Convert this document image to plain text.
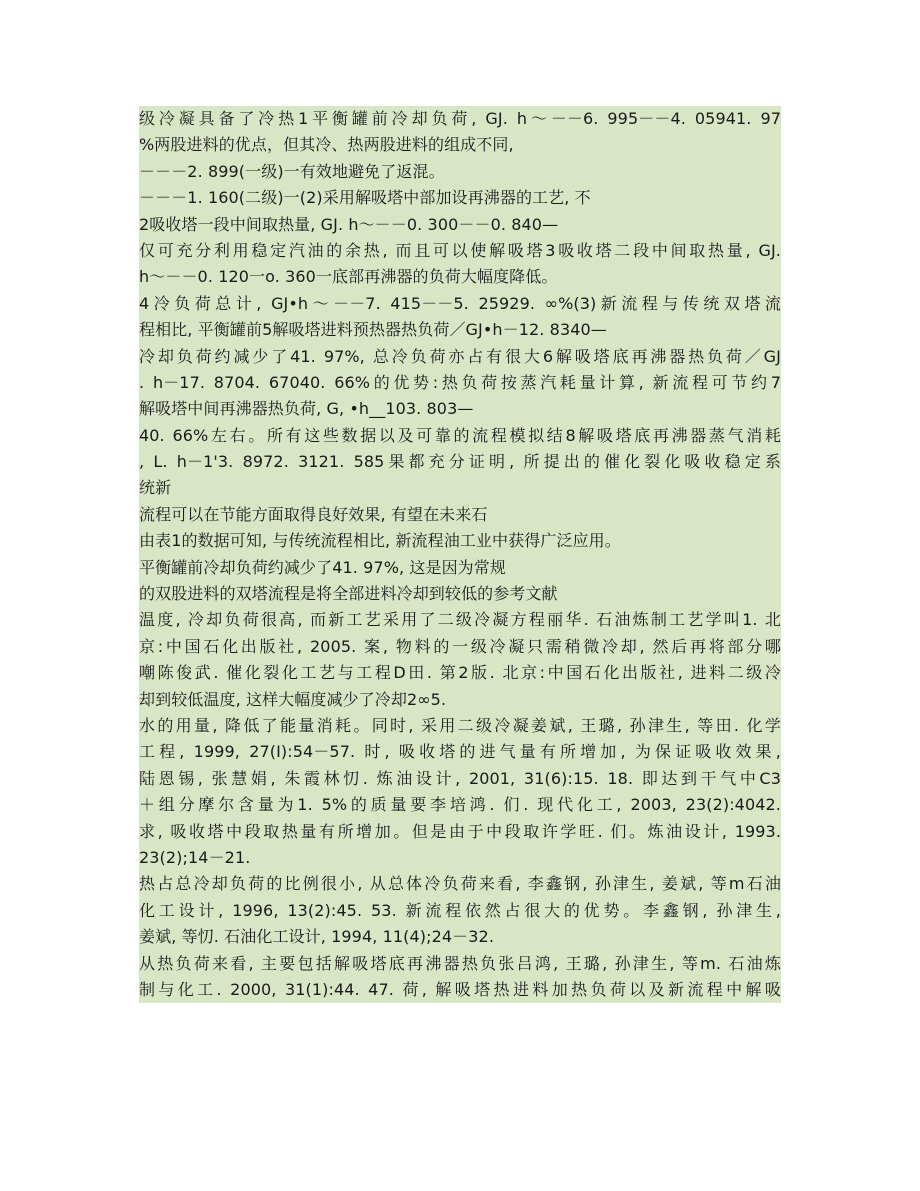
级冷凝具备了冷热1平衡罐前冷却负荷, GJ. h～－－6. 995－－4. 05941. 97
%两股进料的优点，但其冷、热两股进料的组成不同,
－－－2. 899(一级)一有效地避免了返混。
－－－1. 160(二级)一(2)采用解吸塔中部加设再沸器的工艺, 不
2吸收塔一段中间取热量, GJ. h～－－0. 300－－0. 840—
仅可充分利用稳定汽油的余热, 而且可以使解吸塔3吸收塔二段中间取热量, GJ.
h～－－0. 120一o. 360一底部再沸器的负荷大幅度降低。
4冷负荷总计, GJ•h～－－7. 415－－5. 25929. ∞%(3)新流程与传统双塔流
程相比, 平衡罐前5解吸塔进料预热器热负荷／GJ•h－12. 8340—
冷却负荷约减少了41. 97%, 总冷负荷亦占有很大6解吸塔底再沸器热负荷／GJ
. h－17. 8704. 67040. 66%的优势:热负荷按蒸汽耗量计算, 新流程可节约7
解吸塔中间再沸器热负荷, G, •h__103. 803—
40. 66%左右。所有这些数据以及可靠的流程模拟结8解吸塔底再沸器蒸气消耗
, L. h－1'3. 8972. 3121. 585果都充分证明, 所提出的催化裂化吸收稳定系
统新
流程可以在节能方面取得良好效果, 有望在未来石
由表1的数据可知, 与传统流程相比, 新流程油工业中获得广泛应用。
平衡罐前冷却负荷约减少了41. 97%, 这是因为常规
的双股进料的双塔流程是将全部进料冷却到较低的参考文献
温度, 冷却负荷很高, 而新工艺采用了二级冷凝方程丽华. 石油炼制工艺学叫1. 北
京:中国石化出版社, 2005. 案, 物料的一级冷凝只需稍微冷却, 然后再将部分哪
嘲陈俊武. 催化裂化工艺与工程D田. 第2版. 北京:中国石化出版社, 进料二级冷
却到较低温度, 这样大幅度减少了冷却2∞5.
水的用量, 降低了能量消耗。同时, 采用二级冷凝姜斌, 王璐, 孙津生, 等田. 化学
工程, 1999, 27(I):54－57. 时, 吸收塔的进气量有所增加, 为保证吸收效果,
陆恩锡, 张慧娟, 朱霞林忉. 炼油设计, 2001, 31(6):15. 18. 即达到干气中C3
＋组分摩尔含量为1. 5%的质量要李培鸿. 们. 现代化工, 2003, 23(2):4042.
求, 吸收塔中段取热量有所增加。但是由于中段取许学旺. 们。炼油设计, 1993.
23(2);14－21.
热占总冷却负荷的比例很小, 从总体冷负荷来看, 李鑫钢, 孙津生, 姜斌, 等m石油
化工设计, 1996, 13(2):45. 53. 新流程依然占很大的优势。李鑫钢, 孙津生,
姜斌, 等忉. 石油化工设计, 1994, 11(4);24－32.
从热负荷来看, 主要包括解吸塔底再沸器热负张吕鸿, 王璐, 孙津生, 等m. 石油炼
制与化工. 2000, 31(1):44. 47. 荷, 解吸塔热进料加热负荷以及新流程中解吸
